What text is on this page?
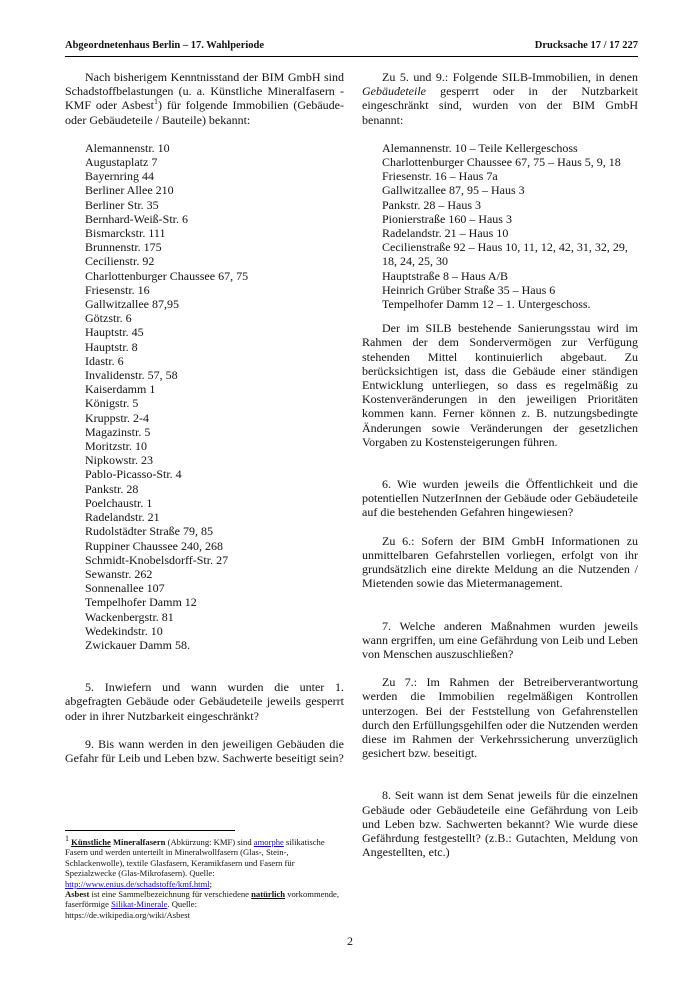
Abgeordnetenhaus Berlin – 17. Wahlperiode	Drucksache 17 / 17 227

Nach bisherigem Kenntnisstand der BIM GmbH sind Schadstoffbelastungen (u. a. Künstliche Mineralfasern - KMF oder Asbest$^1$) für folgende Immobilien (Gebäude- oder Gebäudeteile / Bauteile) bekannt:

Alemannenstr. 10
Augustaplatz 7
Bayernring 44
Berliner Allee 210
Berliner Str. 35
Bernhard-Weiß-Str. 6
Bismarckstr. 111
Brunnenstr. 175
Cecilienstr. 92
Charlottenburger Chaussee 67, 75
Friesenstr. 16
Gallwitzallee 87,95
Götzstr. 6
Hauptstr. 45
Hauptstr. 8
Idastr. 6
Invalidenstr. 57, 58
Kaiserdamm 1
Königstr. 5
Kruppstr. 2-4
Magazinstr. 5
Moritzstr. 10
Nipkowstr. 23
Pablo-Picasso-Str. 4
Pankstr. 28
Poelchaustr. 1
Radelandstr. 21
Rudolstädter Straße 79, 85
Ruppiner Chaussee 240, 268
Schmidt-Knobelsdorff-Str. 27
Sewanstr. 262
Sonnenallee 107
Tempelhofer Damm 12
Wackenbergstr. 81
Wedekindstr. 10
Zwickauer Damm 58.

5. Inwiefern und wann wurden die unter 1. abgefragten Gebäude oder Gebäudeteile jeweils gesperrt oder in ihrer Nutzbarkeit eingeschränkt?

9. Bis wann werden in den jeweiligen Gebäuden die Gefahr für Leib und Leben bzw. Sachwerte beseitigt sein?

Zu 5. und 9.: Folgende SILB-Immobilien, in denen Gebäudeteile gesperrt oder in der Nutzbarkeit eingeschränkt sind, wurden von der BIM GmbH benannt:

Alemannenstr. 10 – Teile Kellergeschoss
Charlottenburger Chaussee 67, 75 – Haus 5, 9, 18
Friesenstr. 16 – Haus 7a
Gallwitzallee 87, 95 – Haus 3
Pankstr. 28 – Haus 3
Pionierstraße 160 – Haus 3
Radelandstr. 21 – Haus 10
Cecilienstraße 92 – Haus 10, 11, 12, 42, 31, 32, 29, 18, 24, 25, 30
Hauptstraße 8 – Haus A/B
Heinrich Grüber Straße 35 – Haus 6
Tempelhofer Damm 12 – 1. Untergeschoss.

Der im SILB bestehende Sanierungsstau wird im Rahmen der dem Sondervermögen zur Verfügung stehenden Mittel kontinuierlich abgebaut. Zu berücksichtigen ist, dass die Gebäude einer ständigen Entwicklung unterliegen, so dass es regelmäßig zu Kostenveränderungen in den jeweiligen Prioritäten kommen kann. Ferner können z. B. nutzungsbedingte Änderungen sowie Veränderungen der gesetzlichen Vorgaben zu Kostensteigerungen führen.

6. Wie wurden jeweils die Öffentlichkeit und die potentiellen NutzerInnen der Gebäude oder Gebäudeteile auf die bestehenden Gefahren hingewiesen?

Zu 6.: Sofern der BIM GmbH Informationen zu unmittelbaren Gefahrstellen vorliegen, erfolgt von ihr grundsätzlich eine direkte Meldung an die Nutzenden / Mietenden sowie das Mietermanagement.

7. Welche anderen Maßnahmen wurden jeweils wann ergriffen, um eine Gefährdung von Leib und Leben von Menschen auszuschließen?

Zu 7.: Im Rahmen der Betreiberverantwortung werden die Immobilien regelmäßigen Kontrollen unterzogen. Bei der Feststellung von Gefahrenstellen durch den Erfüllungsgehilfen oder die Nutzenden werden diese im Rahmen der Verkehrssicherung unverzüglich gesichert bzw. beseitigt.

8. Seit wann ist dem Senat jeweils für die einzelnen Gebäude oder Gebäudeteile eine Gefährdung von Leib und Leben bzw. Sachwerten bekannt? Wie wurde diese Gefährdung festgestellt? (z.B.: Gutachten, Meldung von Angestellten, etc.)

$^1$ Künstliche Mineralfasern (Abkürzung: KMF) sind amorphe silikatische Fasern und werden unterteilt in Mineralwollfasern (Glas-, Stein-, Schlackenwolle), textile Glasfasern, Keramikfasern und Fasern für Spezialzwecke (Glas-Mikrofasern). Quelle:
http://www.enius.de/schadstoffe/kmf.html;
Asbest ist eine Sammelbezeichnung für verschiedene natürlich vorkommende, faserförmige Silikat-Minerale. Quelle:
https://de.wikipedia.org/wiki/Asbest
2
